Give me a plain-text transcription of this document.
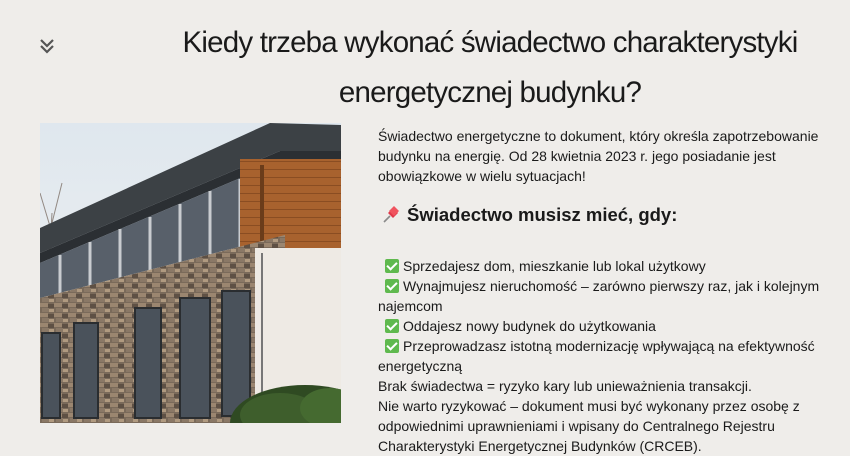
Kiedy trzeba wykonać świadectwo charakterystyki energetycznej budynku?

Świadectwo energetyczne to dokument, który określa zapotrzebowanie budynku na energię. Od 28 kwietnia 2023 r. jego posiadanie jest obowiązkowe w wielu sytuacjach!

Świadectwo musisz mieć, gdy:
Sprzedajesz dom, mieszkanie lub lokal użytkowy
Wynajmujesz nieruchomość – zarówno pierwszy raz, jak i kolejnym najemcom
Oddajesz nowy budynek do użytkowania
Przeprowadzasz istotną modernizację wpływającą na efektywność energetyczną

Brak świadectwa = ryzyko kary lub unieważnienia transakcji.

Nie warto ryzykować – dokument musi być wykonany przez osobę z odpowiednimi uprawnieniami i wpisany do Centralnego Rejestru Charakterystyki Energetycznej Budynków (CRCEB).
